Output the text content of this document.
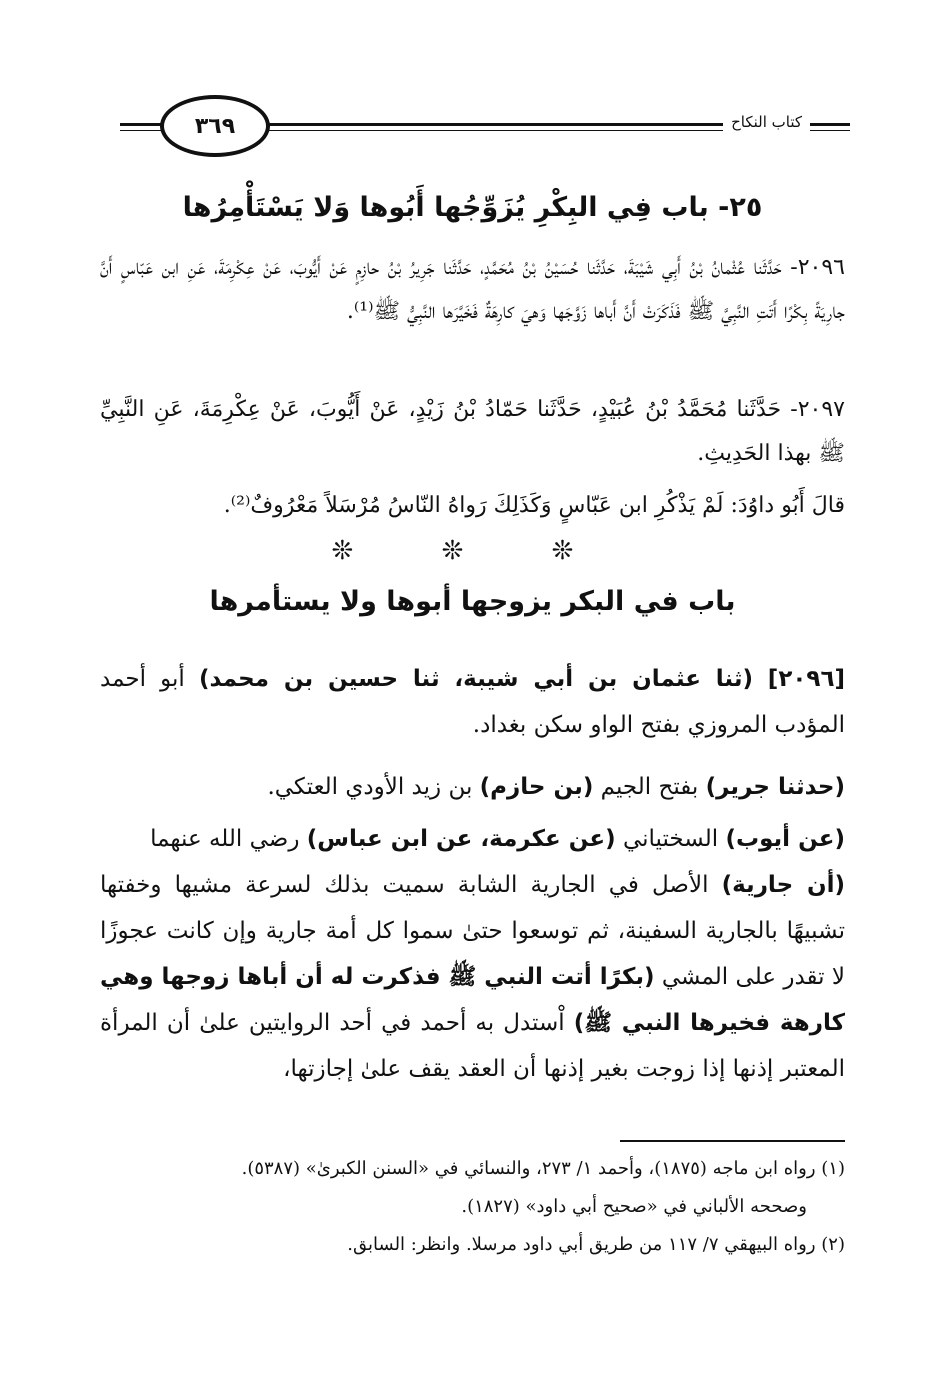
٣٦٩	كتاب النكاح
٢٥- باب فِي البِكْرِ يُزَوِّجُها أَبُوها وَلا يَسْتَأْمِرُها

٢٠٩٦- حَدَّثَنا عُثْمانُ بْنُ أَبِي شَيْبَةَ، حَدَّثَنا حُسَيْنُ بْنُ مُحَمَّدٍ، حَدَّثَنا جَرِيرُ بْنُ حازِمٍ عَنْ أَيُّوبَ، عَنْ عِكْرِمَةَ، عَنِ ابن عَبّاسٍ أَنَّ جارِيَةً بِكْرًا أَتَتِ النَّبِيَّ ﷺ فَذَكَرَتْ أَنَّ أَباها زَوَّجَها وَهيَ كارِهَةٌ فَخَيَّرَها النَّبِيُّ ﷺ⁽¹⁾.

٢٠٩٧- حَدَّثَنا مُحَمَّدُ بْنُ عُبَيْدٍ، حَدَّثَنا حَمّادُ بْنُ زَيْدٍ، عَنْ أَيُّوبَ، عَنْ عِكْرِمَةَ، عَنِ النَّبِيِّ ﷺ بهذا الحَدِيثِ.

قالَ أَبُو داوُدَ: لَمْ يَذْكُرِ ابن عَبّاسٍ وَكَذَلِكَ رَواهُ النّاسُ مُرْسَلاً مَعْرُوفٌ⁽²⁾.

❊ ❊ ❊
باب في البكر يزوجها أبوها ولا يستأمرها

[٢٠٩٦] (ثنا عثمان بن أبي شيبة، ثنا حسين بن محمد) أبو أحمد المؤدب المروزي بفتح الواو سكن بغداد.

(حدثنا جرير) بفتح الجيم (بن حازم) بن زيد الأودي العتكي.

(عن أيوب) السختياني (عن عكرمة، عن ابن عباس) رضي الله عنهما
(أن جارية) الأصل في الجارية الشابة سميت بذلك لسرعة مشيها وخفتها تشبيهًا بالجارية السفينة، ثم توسعوا حتىٰ سموا كل أمة جارية وإن كانت عجوزًا لا تقدر على المشي (بكرًا أتت النبي ﷺ فذكرت له أن أباها زوجها وهي كارهة فخيرها النبي ﷺ) اْستدل به أحمد في أحد الروايتين علىٰ أن المرأة المعتبر إذنها إذا زوجت بغير إذنها أن العقد يقف علىٰ إجازتها،

(١) رواه ابن ماجه (١٨٧٥)، وأحمد ١/ ٢٧٣، والنسائي في «السنن الكبرىٰ» (٥٣٨٧).

وصححه الألباني في «صحيح أبي داود» (١٨٢٧).

(٢) رواه البيهقي ٧/ ١١٧ من طريق أبي داود مرسلا. وانظر: السابق.
